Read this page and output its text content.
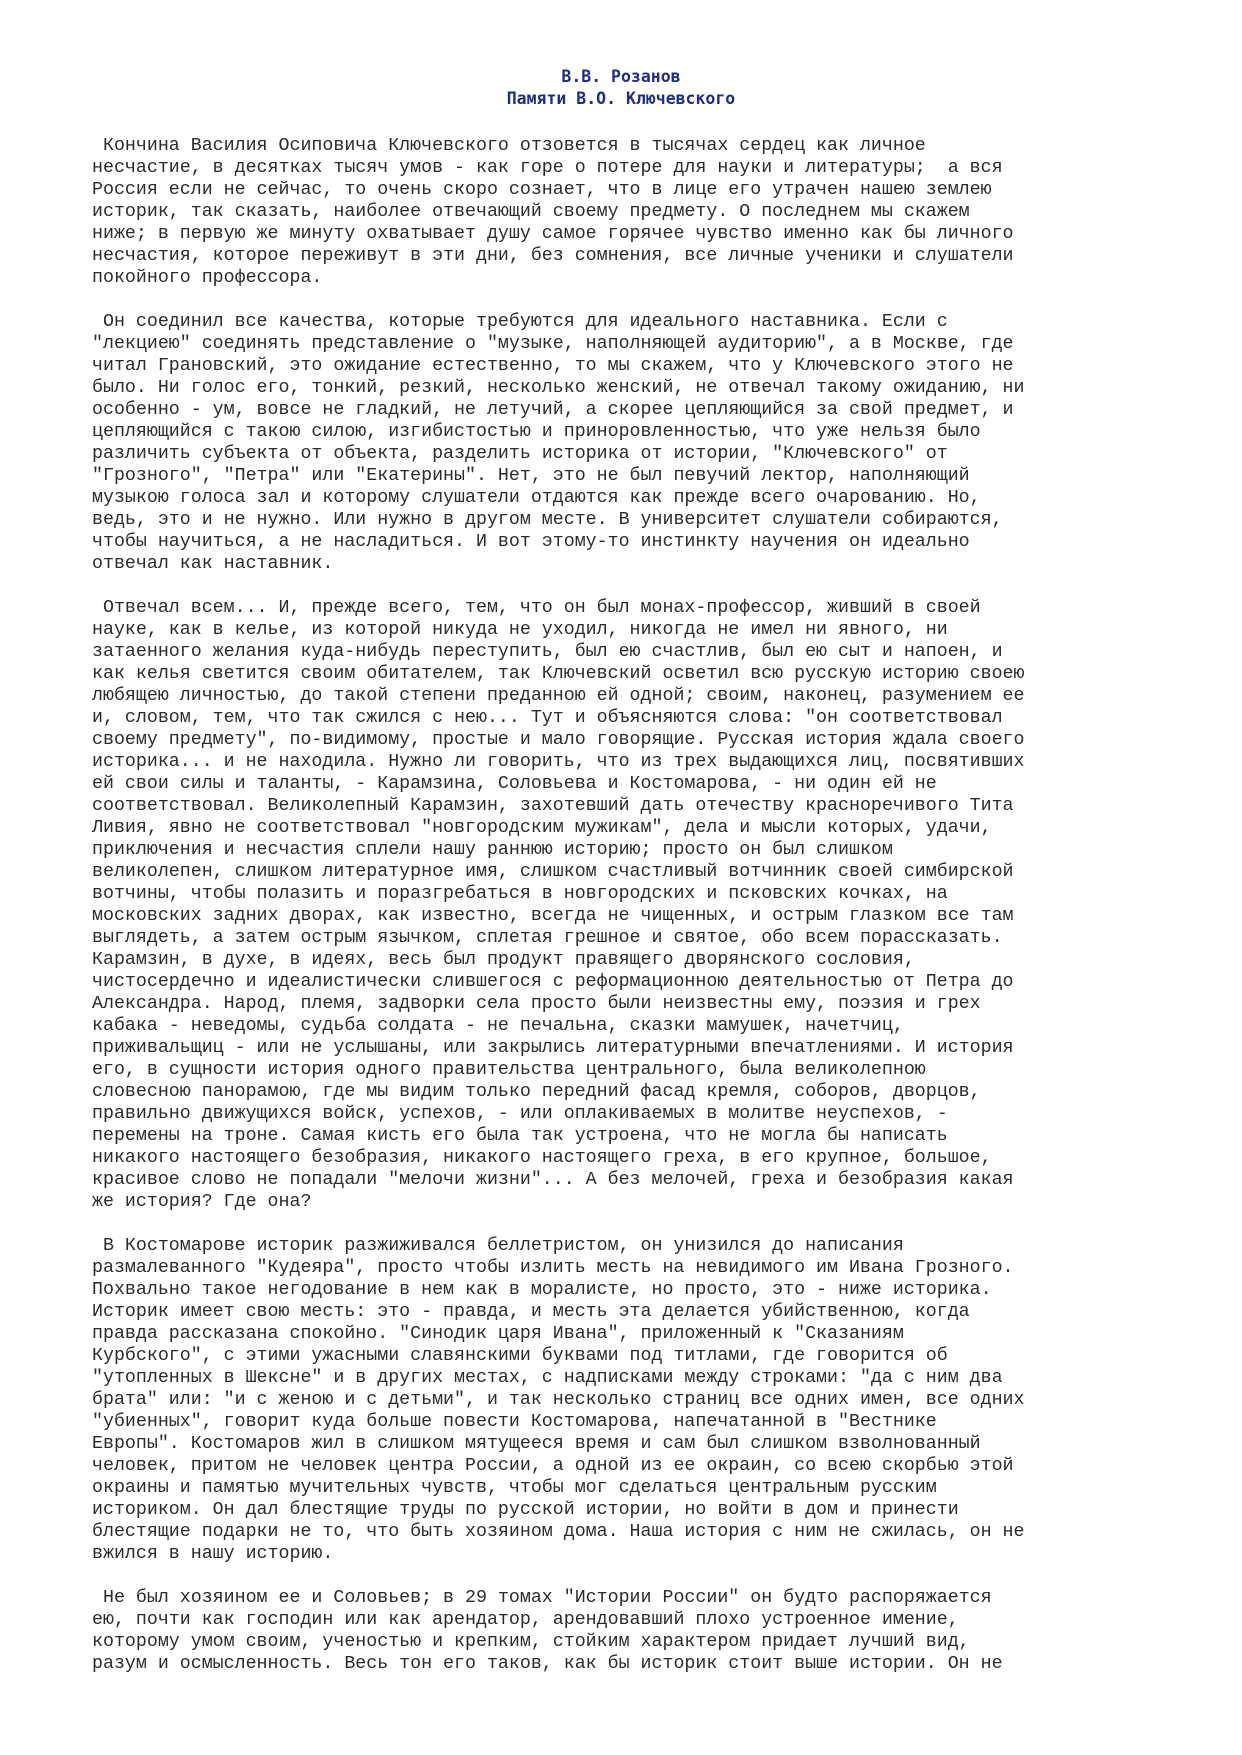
В.В. Розанов
Памяти В.О. Ключевского
Кончина Василия Осиповича Ключевского отзовется в тысячах сердец как личное
несчастие, в десятках тысяч умов - как горе о потере для науки и литературы;  а вся
Россия если не сейчас, то очень скоро сознает, что в лице его утрачен нашею землею
историк, так сказать, наиболее отвечающий своему предмету. О последнем мы скажем
ниже; в первую же минуту охватывает душу самое горячее чувство именно как бы личного
несчастия, которое переживут в эти дни, без сомнения, все личные ученики и слушатели
покойного профессора.
Он соединил все качества, которые требуются для идеального наставника. Если с
"лекциею" соединять представление о "музыке, наполняющей аудиторию", а в Москве, где
читал Грановский, это ожидание естественно, то мы скажем, что у Ключевского этого не
было. Ни голос его, тонкий, резкий, несколько женский, не отвечал такому ожиданию, ни
особенно - ум, вовсе не гладкий, не летучий, а скорее цепляющийся за свой предмет, и
цепляющийся с такою силою, изгибистостью и приноровленностью, что уже нельзя было
различить субъекта от объекта, разделить историка от истории, "Ключевского" от
"Грозного", "Петра" или "Екатерины". Нет, это не был певучий лектор, наполняющий
музыкою голоса зал и которому слушатели отдаются как прежде всего очарованию. Но,
ведь, это и не нужно. Или нужно в другом месте. В университет слушатели собираются,
чтобы научиться, а не насладиться. И вот этому-то инстинкту научения он идеально
отвечал как наставник.
Отвечал всем... И, прежде всего, тем, что он был монах-профессор, живший в своей
науке, как в келье, из которой никуда не уходил, никогда не имел ни явного, ни
затаенного желания куда-нибудь переступить, был ею счастлив, был ею сыт и напоен, и
как келья светится своим обитателем, так Ключевский осветил всю русскую историю своею
любящею личностью, до такой степени преданною ей одной; своим, наконец, разумением ее
и, словом, тем, что так сжился с нею... Тут и объясняются слова: "он соответствовал
своему предмету", по-видимому, простые и мало говорящие. Русская история ждала своего
историка... и не находила. Нужно ли говорить, что из трех выдающихся лиц, посвятивших
ей свои силы и таланты, - Карамзина, Соловьева и Костомарова, - ни один ей не
соответствовал. Великолепный Карамзин, захотевший дать отечеству красноречивого Тита
Ливия, явно не соответствовал "новгородским мужикам", дела и мысли которых, удачи,
приключения и несчастия сплели нашу раннюю историю; просто он был слишком
великолепен, слишком литературное имя, слишком счастливый вотчинник своей симбирской
вотчины, чтобы полазить и поразгребаться в новгородских и псковских кочках, на
московских задних дворах, как известно, всегда не чищенных, и острым глазком все там
выглядеть, а затем острым язычком, сплетая грешное и святое, обо всем порассказать.
Карамзин, в духе, в идеях, весь был продукт правящего дворянского сословия,
чистосердечно и идеалистически слившегося с реформационною деятельностью от Петра до
Александра. Народ, племя, задворки села просто были неизвестны ему, поэзия и грех
кабака - неведомы, судьба солдата - не печальна, сказки мамушек, начетчиц,
приживальщиц - или не услышаны, или закрылись литературными впечатлениями. И история
его, в сущности история одного правительства центрального, была великолепною
словесною панорамою, где мы видим только передний фасад кремля, соборов, дворцов,
правильно движущихся войск, успехов, - или оплакиваемых в молитве неуспехов, -
перемены на троне. Самая кисть его была так устроена, что не могла бы написать
никакого настоящего безобразия, никакого настоящего греха, в его крупное, большое,
красивое слово не попадали "мелочи жизни"... А без мелочей, греха и безобразия какая
же история? Где она?
В Костомарове историк разжиживался беллетристом, он унизился до написания
размалеванного "Кудеяра", просто чтобы излить месть на невидимого им Ивана Грозного.
Похвально такое негодование в нем как в моралисте, но просто, это - ниже историка.
Историк имеет свою месть: это - правда, и месть эта делается убийственною, когда
правда рассказана спокойно. "Синодик царя Ивана", приложенный к "Сказаниям
Курбского", с этими ужасными славянскими буквами под титлами, где говорится об
"утопленных в Шексне" и в других местах, с надписками между строками: "да с ним два
брата" или: "и с женою и с детьми", и так несколько страниц все одних имен, все одних
"убиенных", говорит куда больше повести Костомарова, напечатанной в "Вестнике
Европы". Костомаров жил в слишком мятущееся время и сам был слишком взволнованный
человек, притом не человек центра России, а одной из ее окраин, со всею скорбью этой
окраины и памятью мучительных чувств, чтобы мог сделаться центральным русским
историком. Он дал блестящие труды по русской истории, но войти в дом и принести
блестящие подарки не то, что быть хозяином дома. Наша история с ним не сжилась, он не
вжился в нашу историю.
Не был хозяином ее и Соловьев; в 29 томах "Истории России" он будто распоряжается
ею, почти как господин или как арендатор, арендовавший плохо устроенное имение,
которому умом своим, ученостью и крепким, стойким характером придает лучший вид,
разум и осмысленность. Весь тон его таков, как бы историк стоит выше истории. Он не
